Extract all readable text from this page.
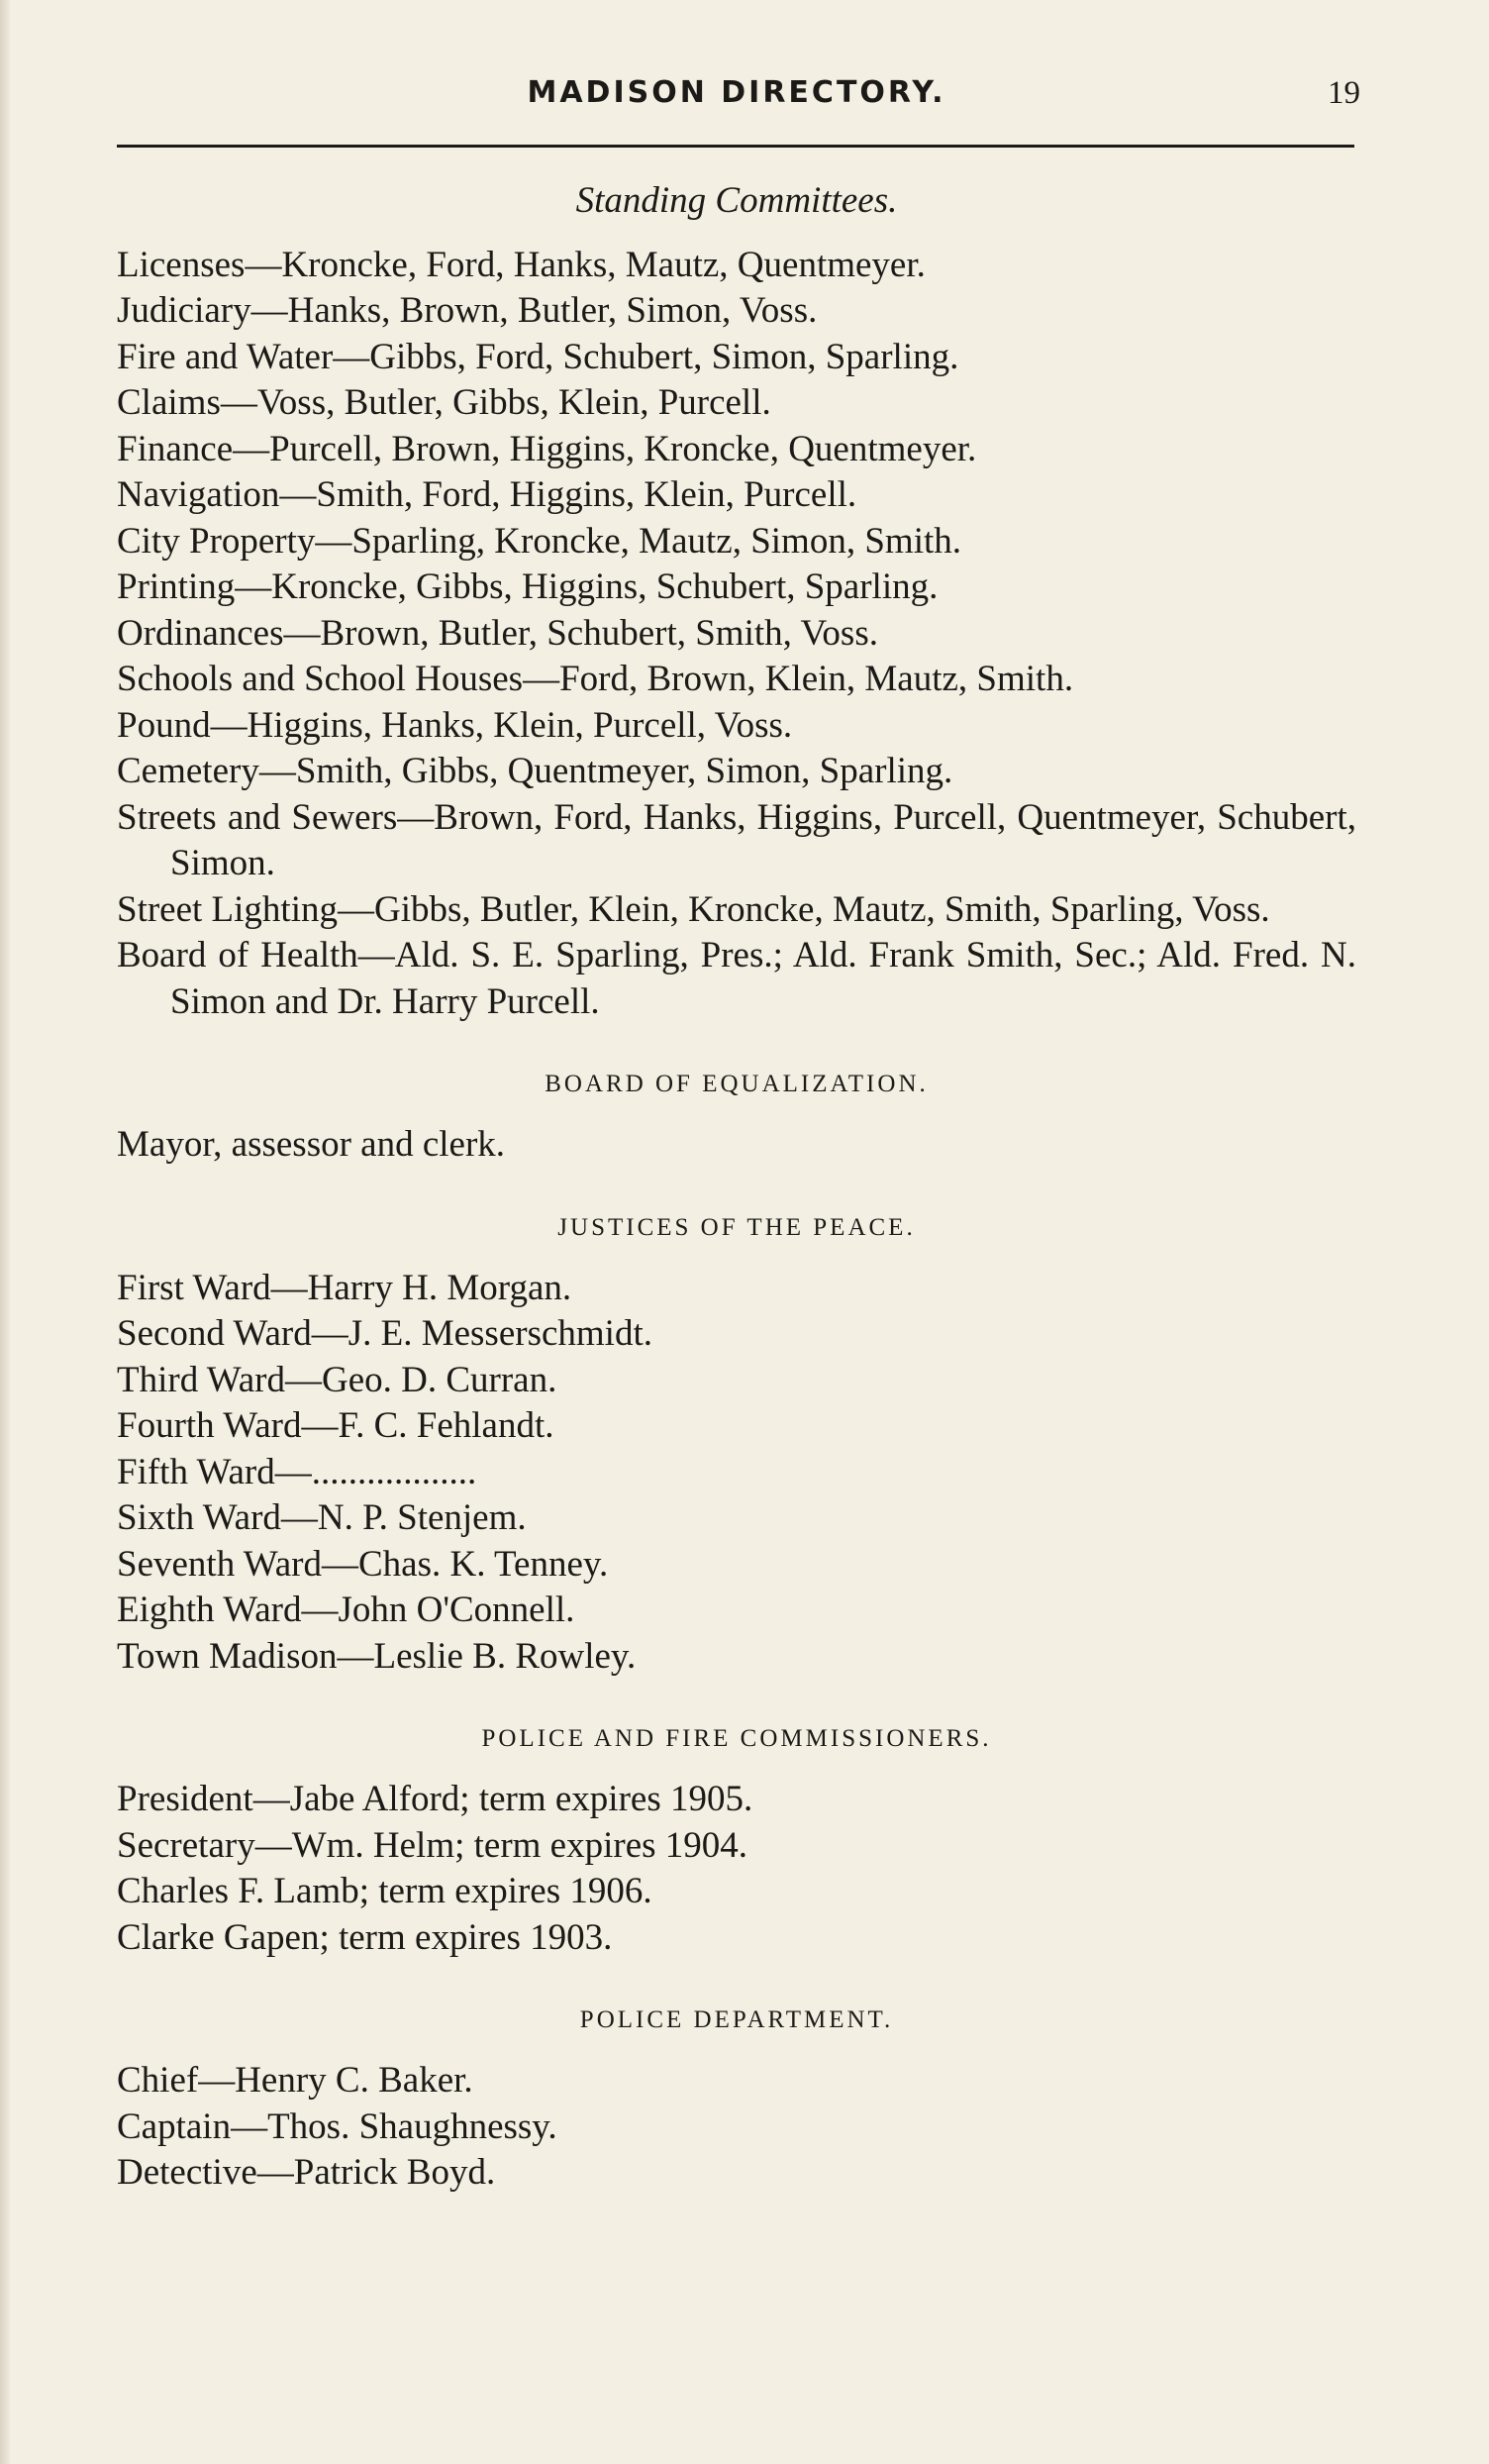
MADISON DIRECTORY.	19
Standing Committees.

Licenses—Kroncke, Ford, Hanks, Mautz, Quentmeyer.

Judiciary—Hanks, Brown, Butler, Simon, Voss.

Fire and Water—Gibbs, Ford, Schubert, Simon, Sparling.

Claims—Voss, Butler, Gibbs, Klein, Purcell.

Finance—Purcell, Brown, Higgins, Kroncke, Quentmeyer.

Navigation—Smith, Ford, Higgins, Klein, Purcell.

City Property—Sparling, Kroncke, Mautz, Simon, Smith.

Printing—Kroncke, Gibbs, Higgins, Schubert, Sparling.

Ordinances—Brown, Butler, Schubert, Smith, Voss.

Schools and School Houses—Ford, Brown, Klein, Mautz, Smith.

Pound—Higgins, Hanks, Klein, Purcell, Voss.

Cemetery—Smith, Gibbs, Quentmeyer, Simon, Sparling.

Streets and Sewers—Brown, Ford, Hanks, Higgins, Purcell, Quentmeyer, Schubert, Simon.

Street Lighting—Gibbs, Butler, Klein, Kroncke, Mautz, Smith, Sparling, Voss.

Board of Health—Ald. S. E. Sparling, Pres.; Ald. Frank Smith, Sec.; Ald. Fred. N. Simon and Dr. Harry Purcell.

BOARD OF EQUALIZATION.

Mayor, assessor and clerk.

JUSTICES OF THE PEACE.

First Ward—Harry H. Morgan.

Second Ward—J. E. Messerschmidt.

Third Ward—Geo. D. Curran.

Fourth Ward—F. C. Fehlandt.

Fifth Ward—..................

Sixth Ward—N. P. Stenjem.

Seventh Ward—Chas. K. Tenney.

Eighth Ward—John O'Connell.

Town Madison—Leslie B. Rowley.

POLICE AND FIRE COMMISSIONERS.

President—Jabe Alford; term expires 1905.

Secretary—Wm. Helm; term expires 1904.

Charles F. Lamb; term expires 1906.

Clarke Gapen; term expires 1903.

POLICE DEPARTMENT.

Chief—Henry C. Baker.

Captain—Thos. Shaughnessy.

Detective—Patrick Boyd.
